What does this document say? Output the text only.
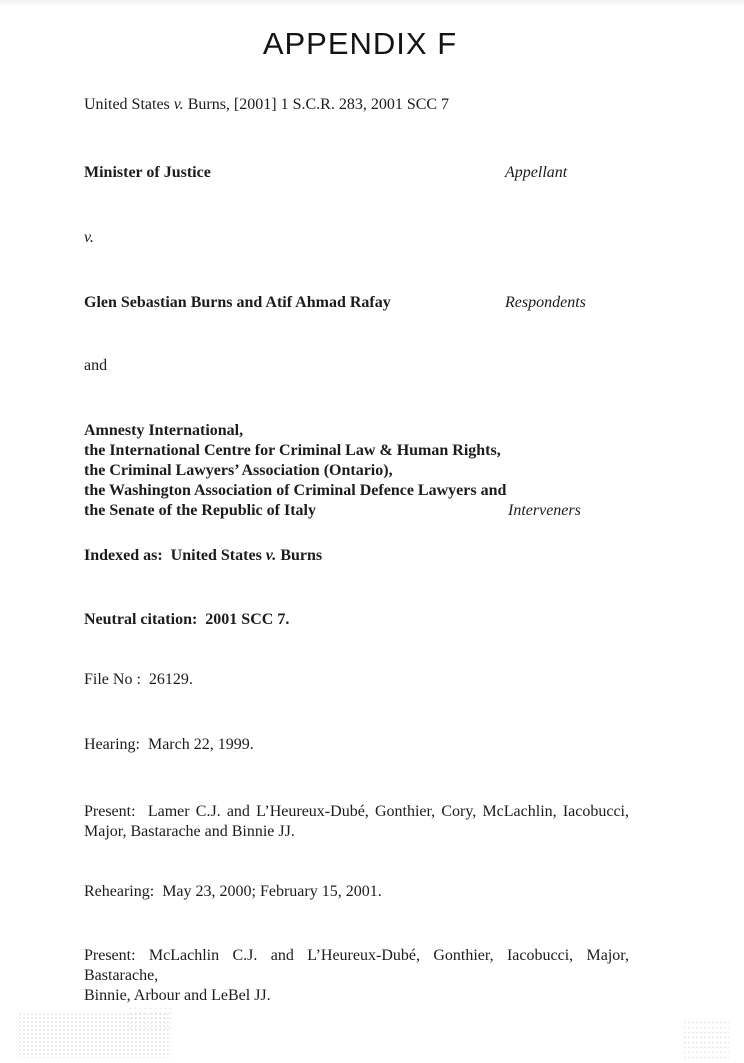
APPENDIX F
United States v. Burns, [2001] 1 S.C.R. 283, 2001 SCC 7
Minister of Justice	Appellant
v.
Glen Sebastian Burns and Atif Ahmad Rafay	Respondents
and
Amnesty International,
the International Centre for Criminal Law & Human Rights,
the Criminal Lawyers’ Association (Ontario),
the Washington Association of Criminal Defence Lawyers and
the Senate of the Republic of Italy	Interveners
Indexed as:  United States v. Burns
Neutral citation:  2001 SCC 7.
File No :  26129.
Hearing:  March 22, 1999.
Present:  Lamer C.J. and L’Heureux-Dubé, Gonthier, Cory, McLachlin, Iacobucci,
Major, Bastarache and Binnie JJ.
Rehearing:  May 23, 2000; February 15, 2001.
Present: McLachlin C.J. and L’Heureux-Dubé, Gonthier, Iacobucci, Major, Bastarache,
Binnie, Arbour and LeBel JJ.
